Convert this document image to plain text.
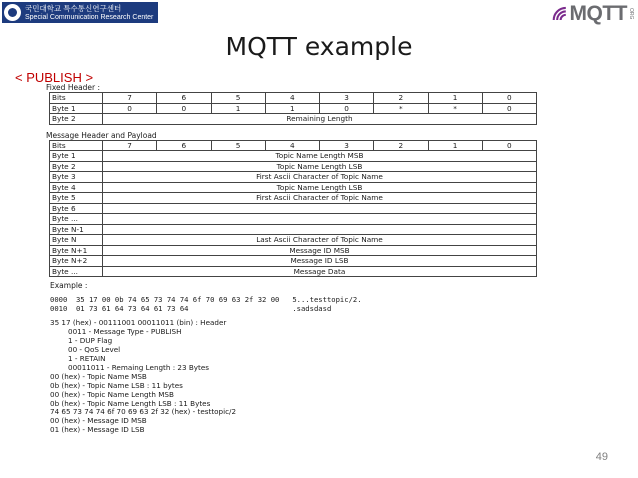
국민대학교 특수통신연구센터
Special Communication Research Center	MQTT ORG
MQTT example
< PUBLISH >
Fixed Header :
Bits	7	6	5	4	3	2	1	0
Byte 1	0	0	1	1	0	*	*	0
Byte 2	Remaining Length							
Message Header and Payload
Bits	7	6	5	4	3	2	1	0
Byte 1	Topic Name Length MSB							
Byte 2	Topic Name Length LSB							
Byte 3	First Ascii Character of Topic Name							
Byte 4	Topic Name Length LSB							
Byte 5	First Ascii Character of Topic Name							
Byte 6								
Byte ...								
Byte N-1								
Byte N	Last Ascii Character of Topic Name							
Byte N+1	Message ID MSB							
Byte N+2	Message ID LSB							
Byte ...	Message Data							
Example :
0000  35 17 00 0b 74 65 73 74 74 6f 70 69 63 2f 32 00   5...testtopic/2.
0010  01 73 61 64 73 64 61 73 64                        .sadsdasd
35 17 (hex) - 00111001 00011011 (bin) : Header
0011 - Message Type - PUBLISH
1 - DUP Flag
00 - QoS Level
1 - RETAIN
00011011 - Remaing Length : 23 Bytes
00 (hex) - Topic Name MSB
0b (hex) - Topic Name LSB : 11 bytes
00 (hex) - Topic Name Length MSB
0b (hex) - Topic Name Length LSB : 11 Bytes
74 65 73 74 74 6f 70 69 63 2f 32 (hex) - testtopic/2
00 (hex) - Message ID MSB
01 (hex) - Message ID LSB
49
